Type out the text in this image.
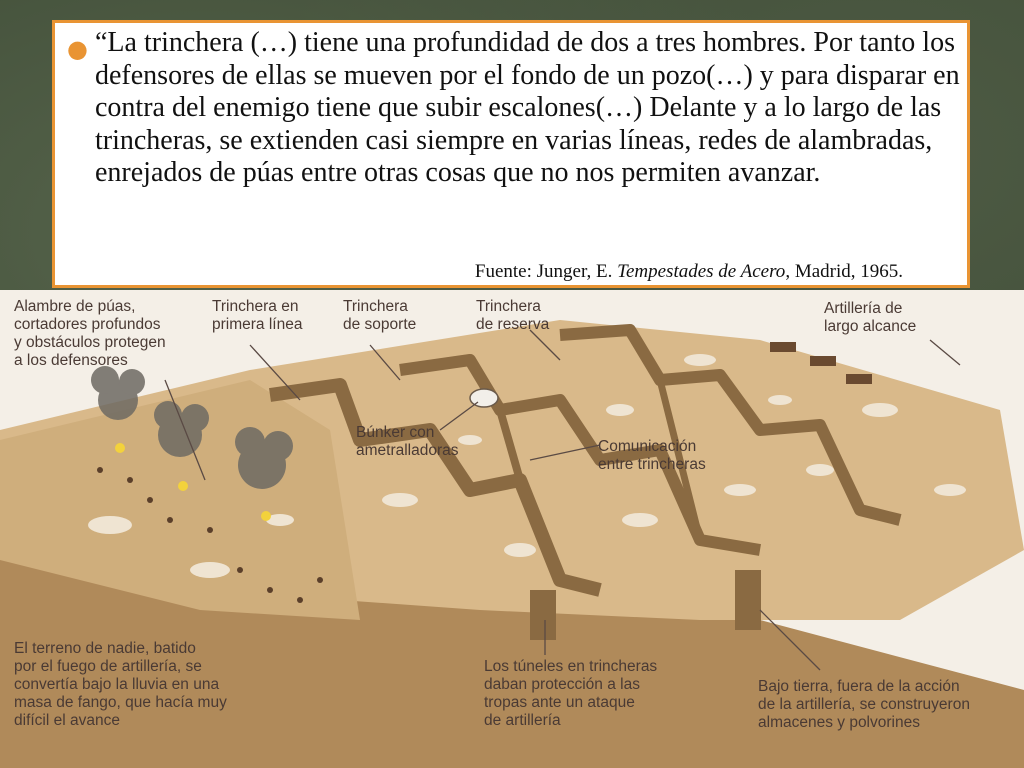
● “La trinchera (…) tiene una profundidad de dos a tres hombres. Por tanto los defensores de ellas se mueven por el fondo de un pozo(…) y para disparar en contra del enemigo tiene que subir escalones(…) Delante y a lo largo de las trincheras, se extienden casi siempre en varias líneas, redes de alambradas, enrejados de púas entre otras cosas que no nos permiten avanzar.

Fuente: Junger, E. Tempestades de Acero, Madrid, 1965.

Alambre de púas,
cortadores profundos
y obstáculos protegen
a los defensores

Trinchera en
primera línea

Trinchera
de soporte

Trinchera
de reserva

Artillería de
largo alcance

Búnker con
ametralladoras	Comunicación
entre trincheras

El terreno de nadie, batido
por el fuego de artillería, se
convertía bajo la lluvia en una
masa de fango, que hacía muy
difícil el avance

Los túneles en trincheras
daban protección a las
tropas ante un ataque
de artillería

Bajo tierra, fuera de la acción
de la artillería, se construyeron
almacenes y polvorines
